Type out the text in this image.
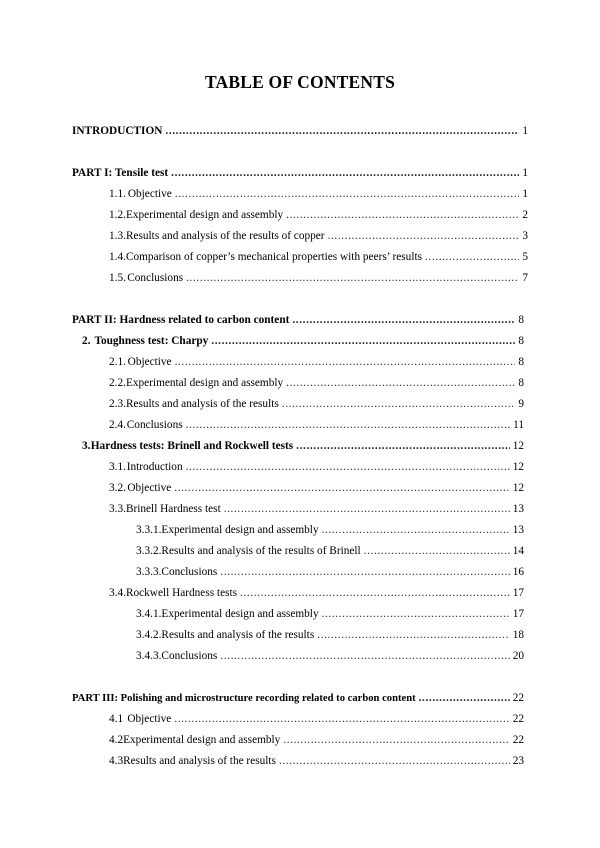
TABLE OF CONTENTS
INTRODUCTION .....	1
PART I: Tensile test .....	1
1.1. Objective .....	1
1.2. Experimental design and assembly .....	2
1.3. Results and analysis of the results of copper .....	3
1.4. Comparison of copper’s mechanical properties with peers’ results .....	5
1.5. Conclusions .....	7
PART II: Hardness related to carbon content .....	8
2. Toughness test: Charpy .....	8
2.1. Objective .....	8
2.2. Experimental design and assembly .....	8
2.3. Results and analysis of the results .....	9
2.4. Conclusions .....	11
3. Hardness tests: Brinell and Rockwell tests .....	12
3.1. Introduction .....	12
3.2. Objective .....	12
3.3. Brinell Hardness test .....	13
3.3.1. Experimental design and assembly .....	13
3.3.2. Results and analysis of the results of Brinell .....	14
3.3.3. Conclusions .....	16
3.4. Rockwell Hardness tests .....	17
3.4.1. Experimental design and assembly .....	17
3.4.2. Results and analysis of the results .....	18
3.4.3. Conclusions .....	20
PART III: Polishing and microstructure recording related to carbon content .....	22
4.1 Objective .....	22
4.2 Experimental design and assembly .....	22
4.3 Results and analysis of the results .....	23
